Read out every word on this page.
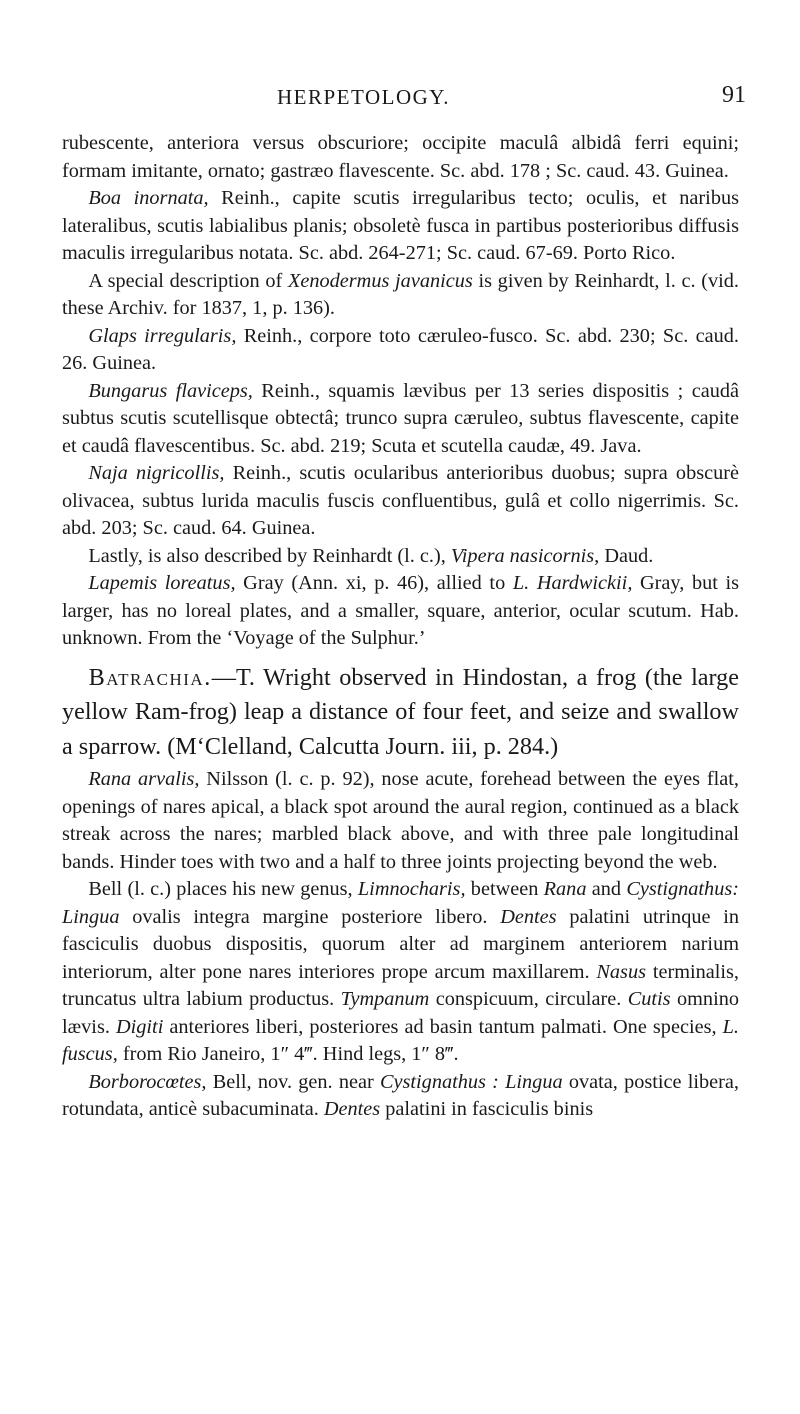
HERPETOLOGY.	91

rubescente, anteriora versus obscuriore; occipite maculâ albidâ ferri equini; formam imitante, ornato; gastræo flavescente. Sc. abd. 178 ; Sc. caud. 43. Guinea.

Boa inornata, Reinh., capite scutis irregularibus tecto; oculis, et naribus lateralibus, scutis labialibus planis; obsoletè fusca in partibus posterioribus diffusis maculis irregularibus notata. Sc. abd. 264-271; Sc. caud. 67-69. Porto Rico.

A special description of Xenodermus javanicus is given by Reinhardt, l. c. (vid. these Archiv. for 1837, 1, p. 136).

Glaps irregularis, Reinh., corpore toto cæruleo-fusco. Sc. abd. 230; Sc. caud. 26. Guinea.

Bungarus flaviceps, Reinh., squamis lævibus per 13 series dispositis ; caudâ subtus scutis scutellisque obtectâ; trunco supra cæruleo, subtus flavescente, capite et caudâ flavescentibus. Sc. abd. 219; Scuta et scutella caudæ, 49. Java.

Naja nigricollis, Reinh., scutis ocularibus anterioribus duobus; supra obscurè olivacea, subtus lurida maculis fuscis confluentibus, gulâ et collo nigerrimis. Sc. abd. 203; Sc. caud. 64. Guinea.

Lastly, is also described by Reinhardt (l. c.), Vipera nasicornis, Daud.

Lapemis loreatus, Gray (Ann. xi, p. 46), allied to L. Hardwickii, Gray, but is larger, has no loreal plates, and a smaller, square, anterior, ocular scutum. Hab. unknown. From the ‘Voyage of the Sulphur.’

Batrachia.—T. Wright observed in Hindostan, a frog (the large yellow Ram-frog) leap a distance of four feet, and seize and swallow a sparrow. (M‘Clelland, Calcutta Journ. iii, p. 284.)

Rana arvalis, Nilsson (l. c. p. 92), nose acute, forehead between the eyes flat, openings of nares apical, a black spot around the aural region, continued as a black streak across the nares; marbled black above, and with three pale longitudinal bands. Hinder toes with two and a half to three joints projecting beyond the web.

Bell (l. c.) places his new genus, Limnocharis, between Rana and Cystignathus: Lingua ovalis integra margine posteriore libero. Dentes palatini utrinque in fasciculis duobus dispositis, quorum alter ad marginem anteriorem narium interiorum, alter pone nares interiores prope arcum maxillarem. Nasus terminalis, truncatus ultra labium productus. Tympanum conspicuum, circulare. Cutis omnino lævis. Digiti anteriores liberi, posteriores ad basin tantum palmati. One species, L. fuscus, from Rio Janeiro, 1″ 4‴. Hind legs, 1″ 8‴.

Borborocœtes, Bell, nov. gen. near Cystignathus : Lingua ovata, postice libera, rotundata, anticè subacuminata. Dentes palatini in fasciculis binis
